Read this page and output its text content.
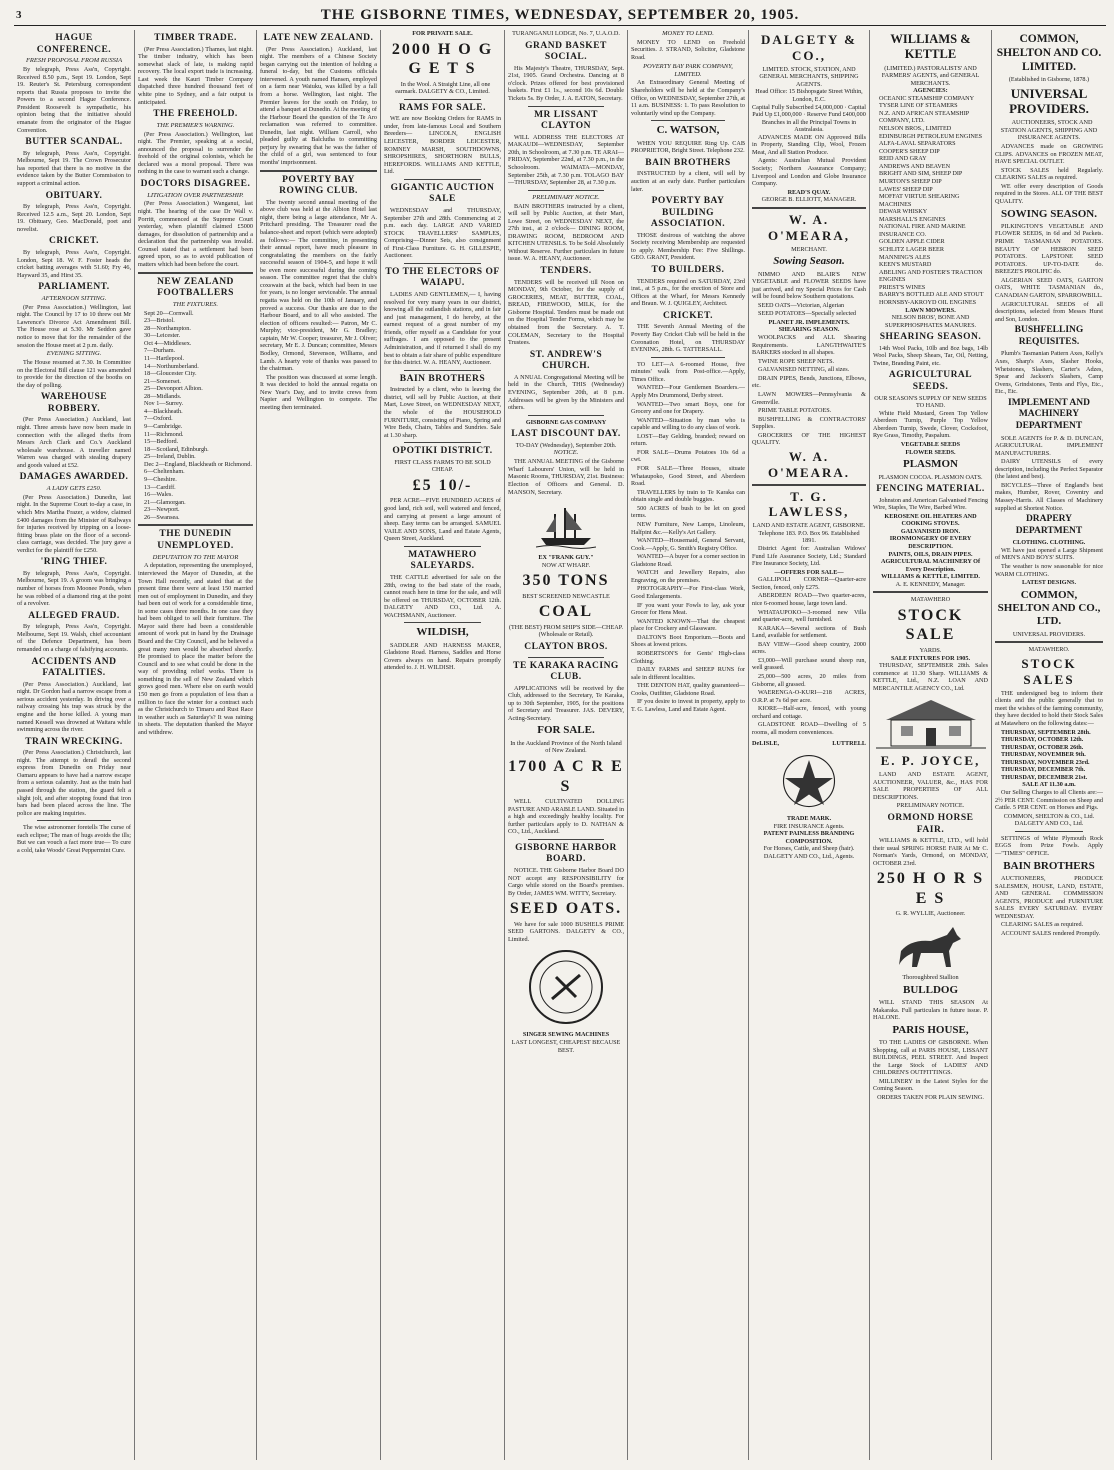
3	THE GISBORNE TIMES, WEDNESDAY, SEPTEMBER 20, 1905.
HAGUE CONFERENCE.
FRESH PROPOSAL FROM RUSSIA

By telegraph, Press Ass'n, Copyright. Received 8.50 p.m., Sept 19. London, Sept 19. Reuter's St. Petersburg correspondent reports that Russia proposes to invite the Powers to a second Hague Conference. President Roosevelt is sympathetic, his opinion being that the initiative should emanate from the originator of the Hague Convention.

BUTTER SCANDAL.

By telegraph, Press Ass'n, Copyright. Melbourne, Sept 19. The Crown Prosecutor has reported that there is no motive in the evidence taken by the Butter Commission to support a criminal action.

OBITUARY.

By telegraph, Press Ass'n, Copyright. Received 12.5 a.m., Sept 20. London, Sept 19. Obituary, Geo. MacDonald, poet and novelist.

CRICKET.

By telegraph, Press Ass'n, Copyright. London, Sept 18. W. F. Foster heads the cricket batting averages with 51.60; Fry 46, Hayward 35, and Hirst 35.

PARLIAMENT.
AFTERNOON SITTING.

(Per Press Association.) Wellington, last night. The Council by 17 to 10 threw out Mr Lawrence's Divorce Act Amendment Bill. The House rose at 5.30. Mr Seddon gave notice to move that for the remainder of the session the House meet at 2 p.m. daily.

EVENING SITTING.

The House resumed at 7.30. In Committee on the Electoral Bill clause 121 was amended to provide for the direction of the booths on the day of polling.

WAREHOUSE ROBBERY.

(Per Press Association.) Auckland, last night. Three arrests have now been made in connection with the alleged thefts from Messrs Arch Clark and Co.'s Auckland wholesale warehouse. A traveller named Warren was charged with stealing drapery and goods valued at £52.

DAMAGES AWARDED.
A LADY GETS £250.

(Per Press Association.) Dunedin, last night. In the Supreme Court to-day a case, in which Mrs Martha Frazer, a widow, claimed £400 damages from the Minister of Railways for injuries received by tripping on a loose-fitting brass plate on the floor of a second-class carriage, was decided. The jury gave a verdict for the plaintiff for £250.

'RING THIEF.

By telegraph, Press Ass'n, Copyright. Melbourne, Sept 19. A groom was bringing a number of horses from Moonee Ponds, when he was robbed of a diamond ring at the point of a revolver.

ALLEGED FRAUD.

By telegraph, Press Ass'n, Copyright. Melbourne, Sept 19. Walsh, chief accountant of the Defence Department, has been remanded on a charge of falsifying accounts.

ACCIDENTS AND FATALITIES.

(Per Press Association.) Auckland, last night. Dr Gordon had a narrow escape from a serious accident yesterday. In driving over a railway crossing his trap was struck by the engine and the horse killed. A young man named Kessell was drowned at Waitara while swimming across the river.

TRAIN WRECKING.

(Per Press Association.) Christchurch, last night. The attempt to derail the second express from Dunedin on Friday near Oamaru appears to have had a narrow escape from a serious calamity. Just as the train had passed through the station, the guard felt a slight jolt, and after stopping found that iron bars had been placed across the line. The police are making inquiries.

The wise astronomer foretells The curse of each eclipse; The man of hugs avoids the ills; But we can vouch a fact more true— To cure a cold, take Woods' Great Peppermint Cure.

TIMBER TRADE.

(Per Press Association.) Thames, last night. The timber industry, which has been somewhat slack of late, is making rapid recovery. The local export trade is increasing. Last week the Kauri Timber Company dispatched three hundred thousand feet of white pine to Sydney, and a fair output is anticipated.

THE FREEHOLD.
THE PREMIER'S WARNING.

(Per Press Association.) Wellington, last night. The Premier, speaking at a social, announced the proposal to surrender the freehold of the original colonists, which he declared was a moral proposal. There was nothing in the case to warrant such a change.

DOCTORS DISAGREE.
LITIGATION OVER PARTNERSHIP.

(Per Press Association.) Wanganui, last night. The hearing of the case Dr Wall v. Porritt, commenced at the Supreme Court yesterday, when plaintiff claimed £5000 damages, for dissolution of partnership and a declaration that the partnership was invalid. Counsel stated that a settlement had been agreed upon, so as to avoid publication of matters which had been before the court.

NEW ZEALAND FOOTBALLERS
THE FIXTURES.
Sept 20—Cornwall.
23—Bristol.
28—Northampton.
30—Leicester.
Oct 4—Middlesex.
7—Durham.
11—Hartlepool.
14—Northumberland.
18—Gloucester City.
21—Somerset.
25—Devonport Albion.
28—Midlands.
Nov 1—Surrey.
4—Blackheath.
7—Oxford.
9—Cambridge.
11—Richmond.
15—Bedford.
18—Scotland, Edinburgh.
25—Ireland, Dublin.
Dec 2—England, Blackheath or Richmond.
6—Cheltenham.
9—Cheshire.
13—Cardiff.
16—Wales.
21—Glamorgan.
23—Newport.
26—Swansea.
THE DUNEDIN UNEMPLOYED.
DEPUTATION TO THE MAYOR

A deputation, representing the unemployed, interviewed the Mayor of Dunedin, at the Town Hall recently, and stated that at the present time there were at least 150 married men out of employment in Dunedin, and they had been out of work for a considerable time, in some cases three months. In one case they had been obliged to sell their furniture. The Mayor said there had been a considerable amount of work put in hand by the Drainage Board and the City Council, and he believed a great many men would be absorbed shortly. He promised to place the matter before the Council and to see what could be done in the way of providing relief works. There is something in the sell of New Zealand which grows good men. Where else on earth would 150 men go from a population of less than a million to face the winter for a contract such as the Christchurch to Timaru and Rust Race in weather such as Saturday's? It was raining in sheets. The deputation thanked the Mayor and withdrew.

LATE NEW ZEALAND.

(Per Press Association.) Auckland, last night. The members of a Chinese Society began carrying out the intention of holding a funeral to-day, but the Customs officials intervened. A youth named Hansen, employed on a farm near Waiuku, was killed by a fall from a horse. Wellington, last night. The Premier leaves for the south on Friday, to attend a banquet at Dunedin. At the meeting of the Harbour Board the question of the Te Aro reclamation was referred to committee. Dunedin, last night. William Carroll, who pleaded guilty at Balclutha to committing perjury by swearing that he was the father of the child of a girl, was sentenced to four months' imprisonment.

POVERTY BAY ROWING CLUB.

The twenty second annual meeting of the above club was held at the Albion Hotel last night, there being a large attendance, Mr A. Pritchard presiding. The Treasurer read the balance-sheet and report (which were adopted) as follows:— The committee, in presenting their annual report, have much pleasure in congratulating the members on the fairly successful season of 1904-5, and hope it will be even more successful during the coming season. The committee regret that the club's coxswain at the back, which had been in use for years, is no longer serviceable. The annual regatta was held on the 10th of January, and proved a success. Our thanks are due to the Harbour Board, and to all who assisted. The election of officers resulted:— Patron, Mr C. Murphy; vice-president, Mr G. Bradley; captain, Mr W. Cooper; treasurer, Mr J. Oliver; secretary, Mr E. J. Duncan; committee, Messrs Bodley, Ormond, Stevenson, Williams, and Lamb. A hearty vote of thanks was passed to the chairman.

The position was discussed at some length. It was decided to hold the annual regatta on New Year's Day, and to invite crews from Napier and Wellington to compete. The meeting then terminated.

FOR PRIVATE SALE.
2000 H O G G E T S

In the Wool. A Straight Line, all one earmark. DALGETY & CO., Limited.

RAMS FOR SALE.

WE are now Booking Orders for RAMS in under, from late-famous Local and Southern Breeders— LINCOLN, ENGLISH LEICESTER, BORDER LEICESTER, ROMNEY MARSH, SOUTHDOWNS, SHROPSHIRES, SHORTHORN BULLS, HEREFORDS. WILLIAMS AND KETTLE, Ltd.

GIGANTIC AUCTION SALE

WEDNESDAY and THURSDAY, September 27th and 28th. Commencing at 2 p.m. each day. LARGE AND VARIED STOCK TRAVELLERS' SAMPLES, Comprising—Dinner Sets, also consignment of First-Class Furniture. G. H. GILLESPIE, Auctioneer.

TO THE ELECTORS OF WAIAPU.

LADIES AND GENTLEMEN,— I, having resolved for very many years in our district, knowing all the outlandish stations, and in fair and just management, I do hereby, at the earnest request of a great number of my friends, offer myself as a Candidate for your suffrages. I am opposed to the present Administration, and if returned I shall do my best to obtain a fair share of public expenditure for this district. W. A. HEANY, Auctioneer.

BAIN BROTHERS

Instructed by a client, who is leaving the district, will sell by Public Auction, at their Mart, Lowe Street, on WEDNESDAY NEXT, the whole of the HOUSEHOLD FURNITURE, consisting of Piano, Spring and Wire Beds, Chairs, Tables and Sundries. Sale at 1.30 sharp.

OPOTIKI DISTRICT.
FIRST CLASS FARMS TO BE SOLD CHEAP.
£5 10/-

PER ACRE—FIVE HUNDRED ACRES of good land, rich soil, well watered and fenced, and carrying at present a large amount of sheep. Easy terms can be arranged. SAMUEL VAILE AND SONS, Land and Estate Agents, Queen Street, Auckland.

MATAWHERO SALEYARDS.

THE CATTLE advertised for sale on the 28th, owing to the bad state of the roads, cannot reach here in time for the sale, and will be offered on THURSDAY, OCTOBER 12th. DALGETY AND CO., Ltd. A. WACHSMANN, Auctioneer.

WILDISH,

SADDLER AND HARNESS MAKER, Gladstone Road. Harness, Saddles and Horse Covers always on hand. Repairs promptly attended to. J. H. WILDISH.

TURANGANUI LODGE, No. 7, U.A.O.D.
GRAND BASKET SOCIAL.

His Majesty's Theatre, THURSDAY, Sept. 21st, 1905. Grand Orchestra. Dancing at 8 o'clock. Prizes offered for best provisioned baskets. First £1 1s., second 10s 6d. Double Tickets 5s. By Order, J. A. EATON, Secretary.

MR LISSANT CLAYTON

WILL ADDRESS THE ELECTORS AT MAKAUDI—WEDNESDAY, September 20th, in Schoolroom, at 7.30 p.m. TE ARAI—FRIDAY, September 22nd, at 7.30 p.m., in the Schoolroom. WAIMATA—MONDAY, September 25th, at 7.30 p.m. TOLAGO BAY—THURSDAY, September 28, at 7.30 p.m.

PRELIMINARY NOTICE.

BAIN BROTHERS instructed by a client, will sell by Public Auction, at their Mart, Lowe Street, on WEDNESDAY NEXT, the 27th inst., at 2 o'clock— DINING ROOM, DRAWING ROOM, BEDROOM AND KITCHEN UTENSILS. To be Sold Absolutely Without Reserve. Further particulars in future issue. W. A. HEANY, Auctioneer.

TENDERS.

TENDERS will be received till Noon on MONDAY, 9th October, for the supply of GROCERIES, MEAT, BUTTER, COAL, BREAD, FIREWOOD, MILK, for the Gisborne Hospital. Tenders must be made out on the Hospital Tender Forms, which may be obtained from the Secretary. A. T. COLEMAN, Secretary to the Hospital Trustees.

ST. ANDREW'S CHURCH.

A NNUAL Congregational Meeting will be held in the Church, THIS (Wednesday) EVENING, September 20th, at 8 p.m. Addresses will be given by the Ministers and others.

GISBORNE GAS COMPANY
LAST DISCOUNT DAY.
TO-DAY (Wednesday), September 20th.
NOTICE.

THE ANNUAL MEETING of the Gisborne Wharf Labourers' Union, will be held in Masonic Rooms, THURSDAY, 21st. Business: Election of Officers and General. D. MANSON, Secretary.

EX "FRANK GUY."
NOW AT WHARF.
350 TONS
BEST SCREENED NEWCASTLE
COAL
(THE BEST) FROM SHIP'S SIDE—CHEAP. (Wholesale or Retail).
CLAYTON BROS.
TE KARAKA RACING CLUB.

APPLICATIONS will be received by the Club, addressed to the Secretary, Te Karaka, up to 30th September, 1905, for the positions of Secretary and Treasurer. JAS. DEVERY, Acting-Secretary.

FOR SALE.
In the Auckland Province of the North Island of New Zealand.
1700 A C R E S

WELL CULTIVATED DOLLING PASTURE AND ARABLE LAND. Situated in a high and exceedingly healthy locality. For further particulars apply to D. NATHAN & CO., Ltd., Auckland.

GISBORNE HARBOR BOARD.

NOTICE. THE Gisborne Harbor Board DO NOT accept any RESPONSIBILITY for Cargo while stored on the Board's premises. By Order, JAMES WM. WITTY, Secretary.

SEED OATS.

We have for sale 1000 BUSHELS PRIME SEED GARTONS. DALGETY & CO., Limited.

SINGER SEWING MACHINES
LAST LONGEST, CHEAPEST BECAUSE BEST.
MONEY TO LEND.

MONEY TO LEND on Freehold Securities. J. STRAND, Solicitor, Gladstone Road.

POVERTY BAY PARK COMPANY, LIMITED.

An Extraordinary General Meeting of Shareholders will be held at the Company's Office, on WEDNESDAY, September 27th, at 11 a.m. BUSINESS: 1. To pass Resolution to voluntarily wind up the Company.

C. WATSON,

WHEN YOU REQUIRE Ring Up. CAB PROPRIETOR, Bright Street. Telephone 232.

BAIN BROTHERS

INSTRUCTED by a client, will sell by auction at an early date. Further particulars later.

POVERTY BAY BUILDING ASSOCIATION.

THOSE desirous of watching the above Society receiving Membership are requested to apply. Membership Fee: Five Shillings. GEO. GRANT, President.

TO BUILDERS.

TENDERS required on SATURDAY, 23rd inst., at 5 p.m., for the erection of Store and Offices at the Wharf, for Messrs Kennedy and Braun. W. J. QUIGLEY, Architect.

CRICKET.

THE Seventh Annual Meeting of the Poverty Bay Cricket Club will be held in the Coronation Hotel, on THURSDAY EVENING, 28th. G. TATTERSALL.

TO LET—A 6-roomed House, five minutes' walk from Post-office.—Apply, Times Office.

WANTED—Four Gentlemen Boarders.—Apply Mrs Drummond, Derby street.

WANTED—Two smart Boys, one for Grocery and one for Drapery.

WANTED—Situation by man who is capable and willing to do any class of work.

LOST—Bay Gelding, branded; reward on return.

FOR SALE—Drums Potatoes 10s 6d a cwt.

FOR SALE—Three Houses, situate Whataupoko, Good Street, and Aberdeen Road.

TRAVELLERS by train to Te Karaka can obtain single and double buggies.

500 ACRES of bush to be let on good terms.

NEW Furniture, New Lamps, Linoleum, Halfpint &c.—Kelly's Art Gallery.

WANTED—Housemaid, General Servant, Cook.—Apply, G. Smith's Registry Office.

WANTED—A buyer for a corner section in Gladstone Road.

WATCH and Jewellery Repairs, also Engraving, on the premises.

PHOTOGRAPHY—For First-class Work, Good Enlargements.

IF you want your Fowls to lay, ask your Grocer for Hens Meat.

WANTED KNOWN—That the cheapest place for Crockery and Glassware.

DALTON'S Boot Emporium.—Boots and Shoes at lowest prices.

ROBERTSON'S for Gents' High-class Clothing.

DAILY FARMS and SHEEP RUNS for sale in different localities.

THE DENTON HAT, quality guaranteed—Cooks, Outfitter, Gladstone Road.

IF you desire to invest in property, apply to T. G. Lawless, Land and Estate Agent.

DALGETY & CO.,
LIMITED. STOCK, STATION, AND GENERAL MERCHANTS, SHIPPING AGENTS.
Head Office: 15 Bishopsgate Street Within, London, E.C.
Capital Fully Subscribed £4,000,000 · Capital Paid Up £1,000,000 · Reserve Fund £400,000
Branches in all the Principal Towns in Australasia.

ADVANCES MADE ON Approved Bills in Property, Standing Clip, Wool, Frozen Meat, And all Station Produce.

Agents: Australian Mutual Provident Society; Northern Assurance Company; Liverpool and London and Globe Insurance Company.

READ'S QUAY.
GEORGE B. ELLIOTT, MANAGER.
W. A. O'MEARA,
MERCHANT.
Sowing Season.

NIMMO AND BLAIR'S NEW VEGETABLE and FLOWER SEEDS have just arrived, and my Special Prices for Cash will be found below Southern quotations.

SEED OATS—Victorian, Algerian

SEED POTATOES—Specially selected

PLANET JR. IMPLEMENTS.
SHEARING SEASON.

WOOLPACKS and ALL Shearing Requirements. LANGTHWAITE'S BARKERS stocked in all shapes.

TWINE ROPE SHEEP NETS.

GALVANISED NETTING, all sizes.

DRAIN PIPES, Bends, Junctions, Elbows, etc.

LAWN MOWERS—Pennsylvania & Greenville.

PRIME TABLE POTATOES.

BUSHFELLING & CONTRACTORS' Supplies.

GROCERIES OF THE HIGHEST QUALITY.

W. A. O'MEARA.
T. G. LAWLESS,
LAND AND ESTATE AGENT, GISBORNE. Telephone 183. P.O. Box 96. Established 1891.

District Agent for: Australian Widows' Fund Life Assurance Society, Ltd.; Standard Fire Insurance Society, Ltd.

—OFFERS FOR SALE—

GALLIPOLI CORNER—Quarter-acre Section, fenced, only £275.

ABERDEEN ROAD—Two quarter-acres, nice 6-roomed house, large town land.

WHATAUPOKO—3-roomed new Villa and quarter-acre, well furnished.

KARAKA—Several sections of Bush Land, available for settlement.

BAY VIEW—Good sheep country, 2000 acres.

£3,000—Will purchase sound sheep run, well grassed.

25,000—500 acres, 20 miles from Gisborne, all grassed.

WAERENGA-O-KURI—218 ACRES, O.R.P. at 7s 6d per acre.

KIORE—Half-acre, fenced, with young orchard and cottage.

GLADSTONE ROAD—Dwelling of 5 rooms, all modern conveniences.

DeLISLE,	LUTTRELL
TRADE MARK.
FIRE INSURANCE Agents.
PATENT PAINLESS BRANDING COMPOSITION.
For Horses, Cattle, and Sheep (hair). DALGETY AND CO., Ltd., Agents.
WILLIAMS & KETTLE
(LIMITED.) PASTORALISTS' AND FARMERS' AGENTS, and GENERAL MERCHANTS.
AGENCIES:
OCEANIC STEAMSHIP COMPANY
TYSER LINE OF STEAMERS
N.Z. AND AFRICAN STEAMSHIP COMPANY, LTD.
NELSON BROS., LIMITED
EDINBURGH PETROLEUM ENGINES
ALFA-LAVAL SEPARATORS
COOPER'S SHEEP DIP
REID AND GRAY
ANDREWS AND BEAVEN
BRIGHT AND SIM, SHEEP DIP
MURTON'S SHEEP DIP
LAWES' SHEEP DIP
MOFFAT VIRTUE SHEARING MACHINES
DEWAR WHISKY
MARSHALL'S ENGINES
NATIONAL FIRE AND MARINE INSURANCE CO.
GOLDEN APPLE CIDER
SCHLITZ LAGER BEER
MANNING'S ALES
KEEN'S MUSTARD
ABELING AND FOSTER'S TRACTION ENGINES
PRIEST'S WINES
BARRY'S BOTTLED ALE AND STOUT
HORNSBY-AKROYD OIL ENGINES
LAWN MOWERS.
NELSON BROS', BONE AND SUPERPHOSPHATES MANURES.
SHEARING SEASON.

14th Wool Packs, 10lb and 8oz bags, 14lb Wool Packs, Sheep Shears, Tar, Oil, Netting, Twine, Branding Paint, etc.

AGRICULTURAL SEEDS.
OUR SEASON'S SUPPLY OF NEW SEEDS TO HAND.

White Field Mustard, Green Top Yellow Aberdeen Turnip, Purple Top Yellow Aberdeen Turnip, Swede, Clover, Cocksfoot, Rye Grass, Timothy, Paspalum.

VEGETABLE SEEDS
FLOWER SEEDS.
PLASMON
PLASMON COCOA. PLASMON OATS.
FENCING MATERIAL.

Johnston and American Galvanised Fencing Wire, Staples, Tie Wire, Barbed Wire.

KEROSENE OIL HEATERS AND COOKING STOVES.
GALVANISED IRON.
IRONMONGERY OF EVERY DESCRIPTION.
PAINTS, OILS, DRAIN PIPES.
AGRICULTURAL MACHINERY Of Every Description.
WILLIAMS & KETTLE, LIMITED.
A. E. KENNEDY, Manager.
MATAWHERO
STOCK SALE
YARDS.
SALE FIXTURES FOR 1905.

THURSDAY, SEPTEMBER 28th. Sales commence at 11.30 Sharp. WILLIAMS & KETTLE, Ltd., N.Z. LOAN AND MERCANTILE AGENCY CO., Ltd.

E. P. JOYCE,

LAND AND ESTATE AGENT, AUCTIONEER, VALUER, &c., HAS FOR SALE PROPERTIES OF ALL DESCRIPTIONS.

PRELIMINARY NOTICE.
ORMOND HORSE FAIR.

WILLIAMS & KETTLE, LTD., will hold their usual SPRING HORSE FAIR At Mr C. Norman's Yards, Ormond, on MONDAY, OCTOBER 23rd.

250 H O R S E S
G. R. WYLLIE, Auctioneer.
Thoroughbred Stallion
BULLDOG

WILL STAND THIS SEASON At Makaraka. Full particulars in future issue. P. HALONE.

PARIS HOUSE,

TO THE LADIES OF GISBORNE. When Shopping, call at PARIS HOUSE, LISSANT BUILDINGS, PEEL STREET. And Inspect the Large Stock of LADIES' AND CHILDREN'S OUTFITTINGS.

MILLINERY in the Latest Styles for the Coming Season.

ORDERS TAKEN FOR PLAIN SEWING.
COMMON, SHELTON AND CO. LIMITED.
(Established in Gisborne, 1878.)
UNIVERSAL PROVIDERS.

AUCTIONEERS, STOCK AND STATION AGENTS, SHIPPING AND INSURANCE AGENTS.

ADVANCES made on GROWING CLIPS. ADVANCES on FROZEN MEAT, HAVE SPECIAL OUTLET.

STOCK SALES held Regularly. CLEARING SALES as required.

WE offer every description of Goods required in the Stores. ALL OF THE BEST QUALITY.

SOWING SEASON.

PILKINGTON'S VEGETABLE AND FLOWER SEEDS, in 6d and 3d Packets. PRIME TASMANIAN POTATOES. BEAUTY OF HEBRON SEED POTATOES. LAPSTONE SEED POTATOES. UP-TO-DATE do. BREEZE'S PROLIFIC do.

ALGERIAN SEED OATS, GARTON OATS, WHITE TASMANIAN do., CANADIAN GARTON, SPARROWBILL.

AGRICULTURAL SEEDS of all descriptions, selected from Messrs Hurst and Son, London.

BUSHFELLING REQUISITES.

Plumb's Tasmanian Pattern Axes, Kelly's Axes, Sharp's Axes, Slasher Hooks, Whetstones, Slashers, Carter's Adzes, Spear and Jackson's Slashers, Camp Ovens, Grindstones, Tents and Flys, Etc., Etc., Etc.

IMPLEMENT AND MACHINERY DEPARTMENT

SOLE AGENTS for P. & D. DUNCAN, AGRICULTURAL IMPLEMENT MANUFACTURERS.

DAIRY UTENSILS of every description, including the Perfect Separator (the latest and best).

BICYCLES—Three of England's best makes, Humber, Rover, Coventry and Massey-Harris. All Classes of Machinery supplied at Shortest Notice.

DRAPERY DEPARTMENT
CLOTHING. CLOTHING.

WE have just opened a Large Shipment of MEN'S AND BOYS' SUITS.

The weather is now seasonable for nice WARM CLOTHING.

LATEST DESIGNS.
COMMON, SHELTON AND CO., LTD.
UNIVERSAL PROVIDERS.
MATAWHERO.
STOCK SALES

THE undersigned beg to inform their clients and the public generally that to meet the wishes of the farming community, they have decided to hold their Stock Sales at Matawhero on the following dates:—

THURSDAY, SEPTEMBER 28th.
THURSDAY, OCTOBER 12th.
THURSDAY, OCTOBER 26th.
THURSDAY, NOVEMBER 9th.
THURSDAY, NOVEMBER 23rd.
THURSDAY, DECEMBER 7th.
THURSDAY, DECEMBER 21st.
SALE AT 11.30 a.m.

Our Selling Charges to all Clients are:— 2½ PER CENT. Commission on Sheep and Cattle. 5 PER CENT. on Horses and Pigs.

COMMON, SHELTON & CO., Ltd. DALGETY AND CO., Ltd.

SETTINGS of White Plymouth Rock EGGS from Prize Fowls. Apply—"TIMES" OFFICE.

BAIN BROTHERS

AUCTIONEERS, PRODUCE SALESMEN, HOUSE, LAND, ESTATE, AND GENERAL COMMISSION AGENTS, PRODUCE and FURNITURE SALES EVERY SATURDAY. EVERY WEDNESDAY.

CLEARING SALES as required.

ACCOUNT SALES rendered Promptly.
